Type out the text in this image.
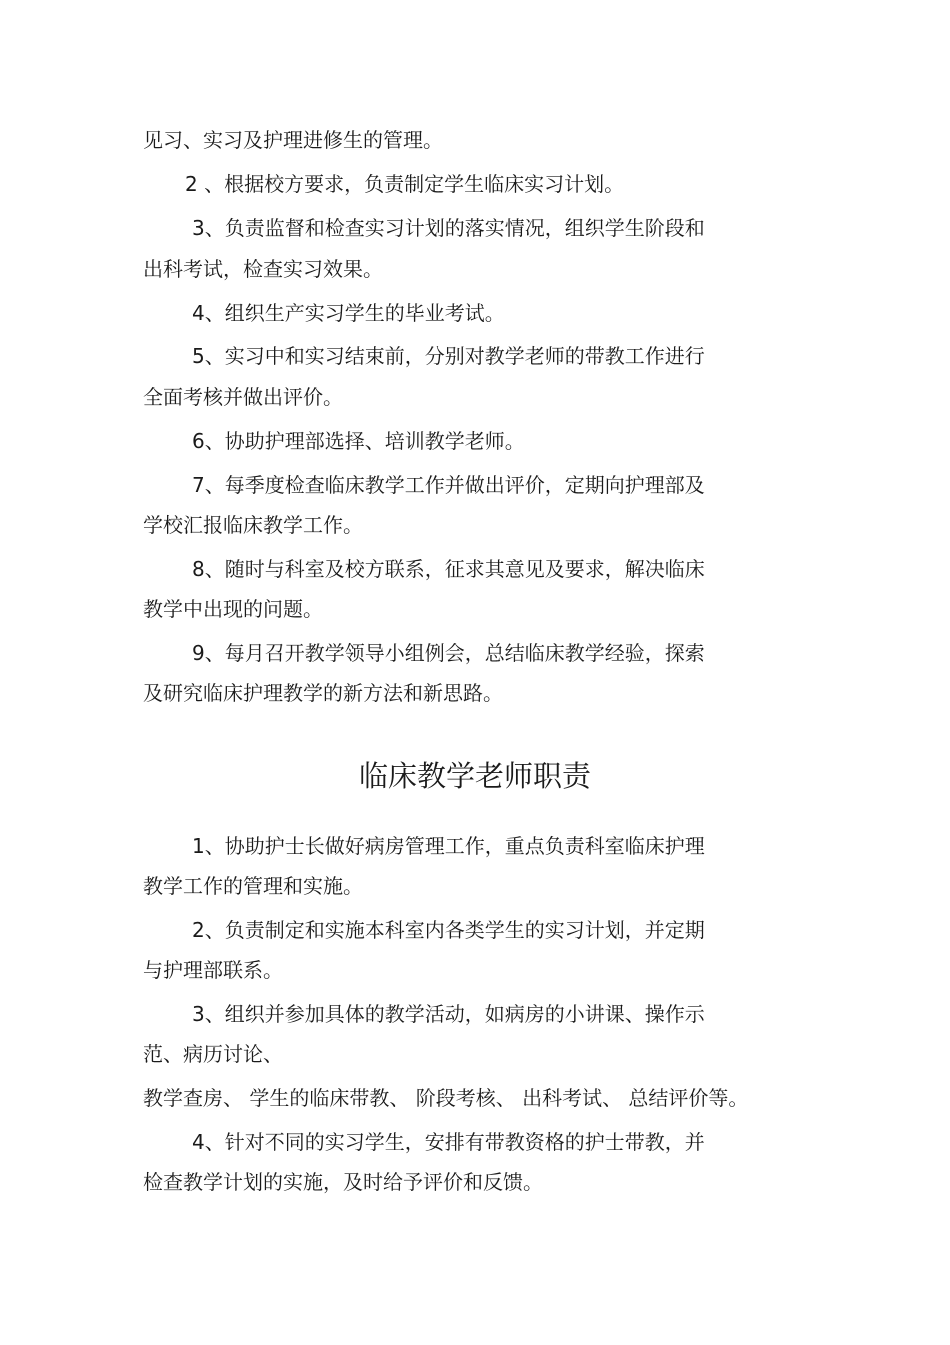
见习、实习及护理进修生的管理。
2 、根据校方要求，负责制定学生临床实习计划。
3、负责监督和检查实习计划的落实情况，组织学生阶段和
出科考试，检查实习效果。
4、组织生产实习学生的毕业考试。
5、实习中和实习结束前，分别对教学老师的带教工作进行
全面考核并做出评价。
6、协助护理部选择、培训教学老师。
7、每季度检查临床教学工作并做出评价，定期向护理部及
学校汇报临床教学工作。
8、随时与科室及校方联系，征求其意见及要求，解决临床
教学中出现的问题。
9、每月召开教学领导小组例会，总结临床教学经验，探索
及研究临床护理教学的新方法和新思路。
临床教学老师职责
1、协助护士长做好病房管理工作，重点负责科室临床护理
教学工作的管理和实施。
2、负责制定和实施本科室内各类学生的实习计划，并定期
与护理部联系。
3、组织并参加具体的教学活动，如病房的小讲课、操作示
范、病历讨论、
教学查房、 学生的临床带教、 阶段考核、 出科考试、 总结评价等。
4、针对不同的实习学生，安排有带教资格的护士带教，并
检查教学计划的实施，及时给予评价和反馈。
